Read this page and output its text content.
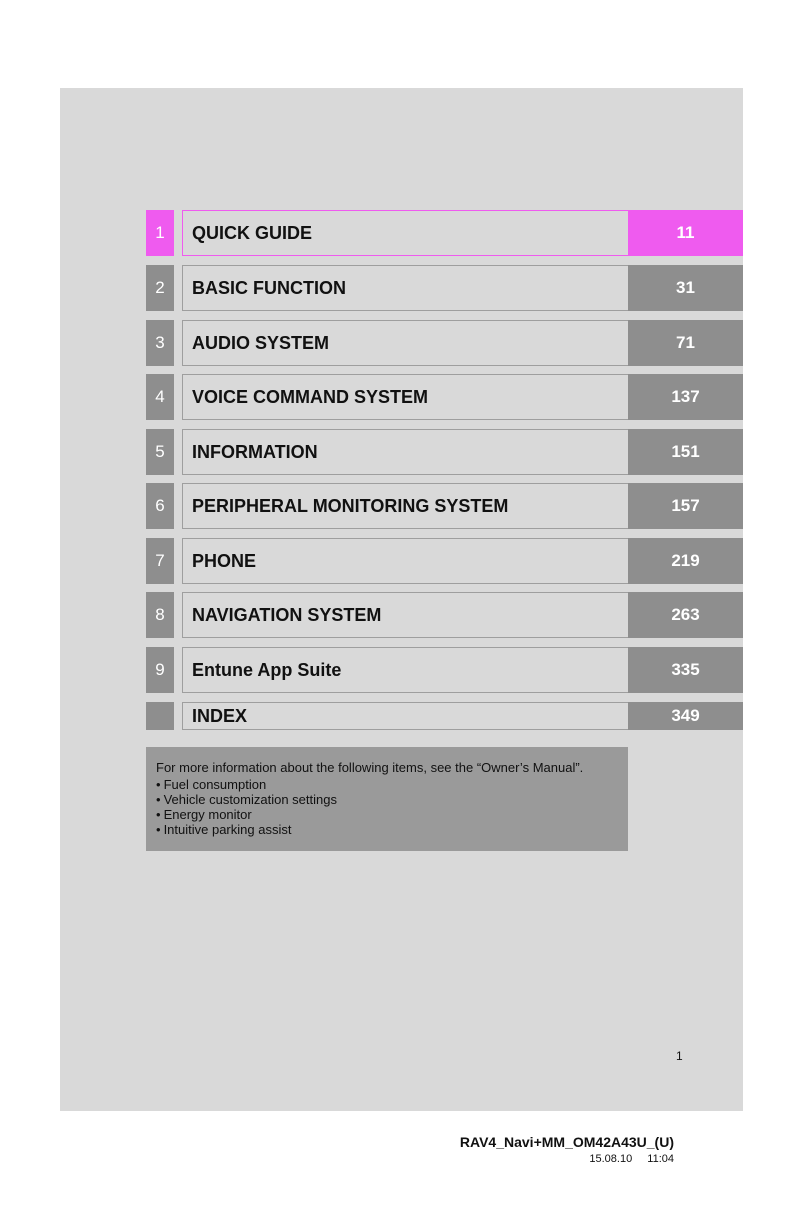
1	QUICK GUIDE	11
2	BASIC FUNCTION	31
3	AUDIO SYSTEM	71
4	VOICE COMMAND SYSTEM	137
5	INFORMATION	151
6	PERIPHERAL MONITORING SYSTEM	157
7	PHONE	219
8	NAVIGATION SYSTEM	263
9	Entune App Suite	335
INDEX	349
For more information about the following items, see the “Owner’s Manual”.
• Fuel consumption
• Vehicle customization settings
• Energy monitor
• Intuitive parking assist
1
RAV4_Navi+MM_OM42A43U_(U)
15.08.10 11:04
